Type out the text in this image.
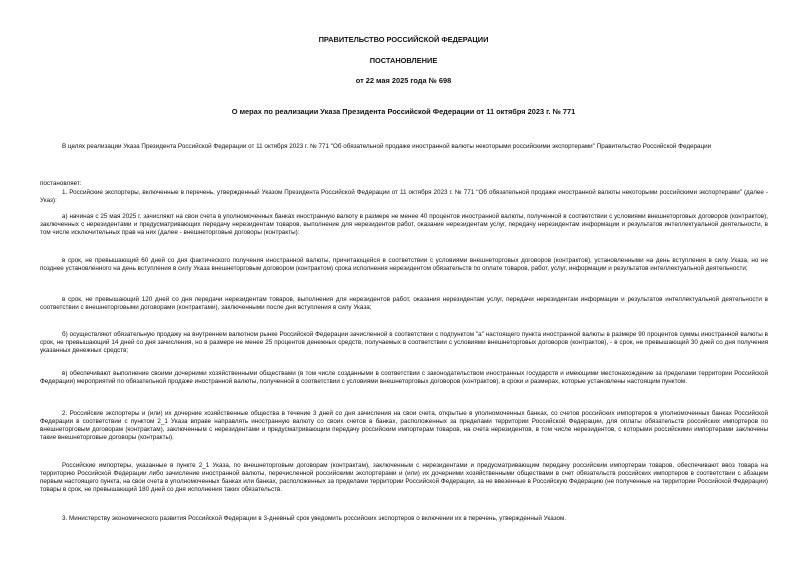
ПРАВИТЕЛЬСТВО РОССИЙСКОЙ ФЕДЕРАЦИИ
ПОСТАНОВЛЕНИЕ
от 22 мая 2025 года № 698
О мерах по реализации Указа Президента Российской Федерации от 11 октября 2023 г. № 771

В целях реализации Указа Президента Российской Федерации от 11 октября 2023 г. № 771 "Об обязательной продаже иностранной валюты некоторыми российскими экспортерами" Правительство Российской Федерации

постановляет:

1. Российские экспортеры, включенные в перечень, утвержденный Указом Президента Российской Федерации от 11 октября 2023 г. № 771 "Об обязательной продаже иностранной валюты некоторыми российскими экспортерами" (далее - Указ):

а) начиная с 25 мая 2025 г. зачисляют на свои счета в уполномоченных банках иностранную валюту в размере не менее 40 процентов иностранной валюты, полученной в соответствии с условиями внешнеторговых договоров (контрактов), заключенных с нерезидентами и предусматривающих передачу нерезидентам товаров, выполнение для нерезидентов работ, оказание нерезидентам услуг, передачу нерезидентам информации и результатов интеллектуальной деятельности, в том числе исключительных прав на них (далее - внешнеторговые договоры (контракты):

в срок, не превышающий 60 дней со дня фактического получения иностранной валюты, причитающейся в соответствии с условиями внешнеторговых договоров (контрактов), установленными на день вступления в силу Указа, но не позднее установленного на день вступления в силу Указа внешнеторговым договором (контрактом) срока исполнения нерезидентом обязательств по оплате товаров, работ, услуг, информации и результатов интеллектуальной деятельности;

в срок, не превышающий 120 дней со дня передачи нерезидентам товаров, выполнения для нерезидентов работ, оказания нерезидентам услуг, передачи нерезидентам информации и результатов интеллектуальной деятельности в соответствии с внешнеторговыми договорами (контрактами), заключенными после дня вступления в силу Указа;

б) осуществляют обязательную продажу на внутреннем валютном рынке Российской Федерации зачисленной в соответствии с подпунктом "а" настоящего пункта иностранной валюты в размере 90 процентов суммы иностранной валюты в срок, не превышающий 14 дней со дня зачисления, но в размере не менее 25 процентов денежных средств, получаемых в соответствии с условиями внешнеторговых договоров (контрактов), - в срок, не превышающий 30 дней со дня получения указанных денежных средств;

в) обеспечивают выполнение своими дочерними хозяйственными обществами (в том числе созданными в соответствии с законодательством иностранных государств и имеющими местонахождение за пределами территории Российской Федерации) мероприятий по обязательной продаже иностранной валюты, полученной в соответствии с условиями внешнеторговых договоров (контрактов), в сроки и размерах, которые установлены настоящим пунктом.

2. Российские экспортеры и (или) их дочерние хозяйственные общества в течение 3 дней со дня зачисления на свои счета, открытые в уполномоченных банках, со счетов российских импортеров в уполномоченных банках Российской Федерации в соответствии с пунктом 2_1 Указа вправе направлять иностранную валюту со своих счетов в банках, расположенных за пределами территории Российской Федерации, для оплаты обязательств российских импортеров по внешнеторговым договорам (контрактам), заключенным с нерезидентами и предусматривающим передачу российским импортерам товаров, на счета нерезидентов, в том числе нерезидентов, с которыми российскими импортерами заключены такие внешнеторговые договоры (контракты).

Российские импортеры, указанные в пункте 2_1 Указа, по внешнеторговым договорам (контрактам), заключенным с нерезидентами и предусматривающим передачу российским импортерам товаров, обеспечивают ввоз товара на территорию Российской Федерации либо зачисление иностранной валюты, перечисленной российскими экспортерами и (или) их дочерними хозяйственными обществами в счет обязательств российских импортеров в соответствии с абзацем первым настоящего пункта, на свои счета в уполномоченных банках или банках, расположенных за пределами территории Российской Федерации, за не ввезенные в Российскую Федерацию (не полученные на территории Российской Федерации) товары в срок, не превышающий 180 дней со дня исполнения таких обязательств.

3. Министерству экономического развития Российской Федерации в 3-дневный срок уведомить российских экспортеров о включении их в перечень, утвержденный Указом.
